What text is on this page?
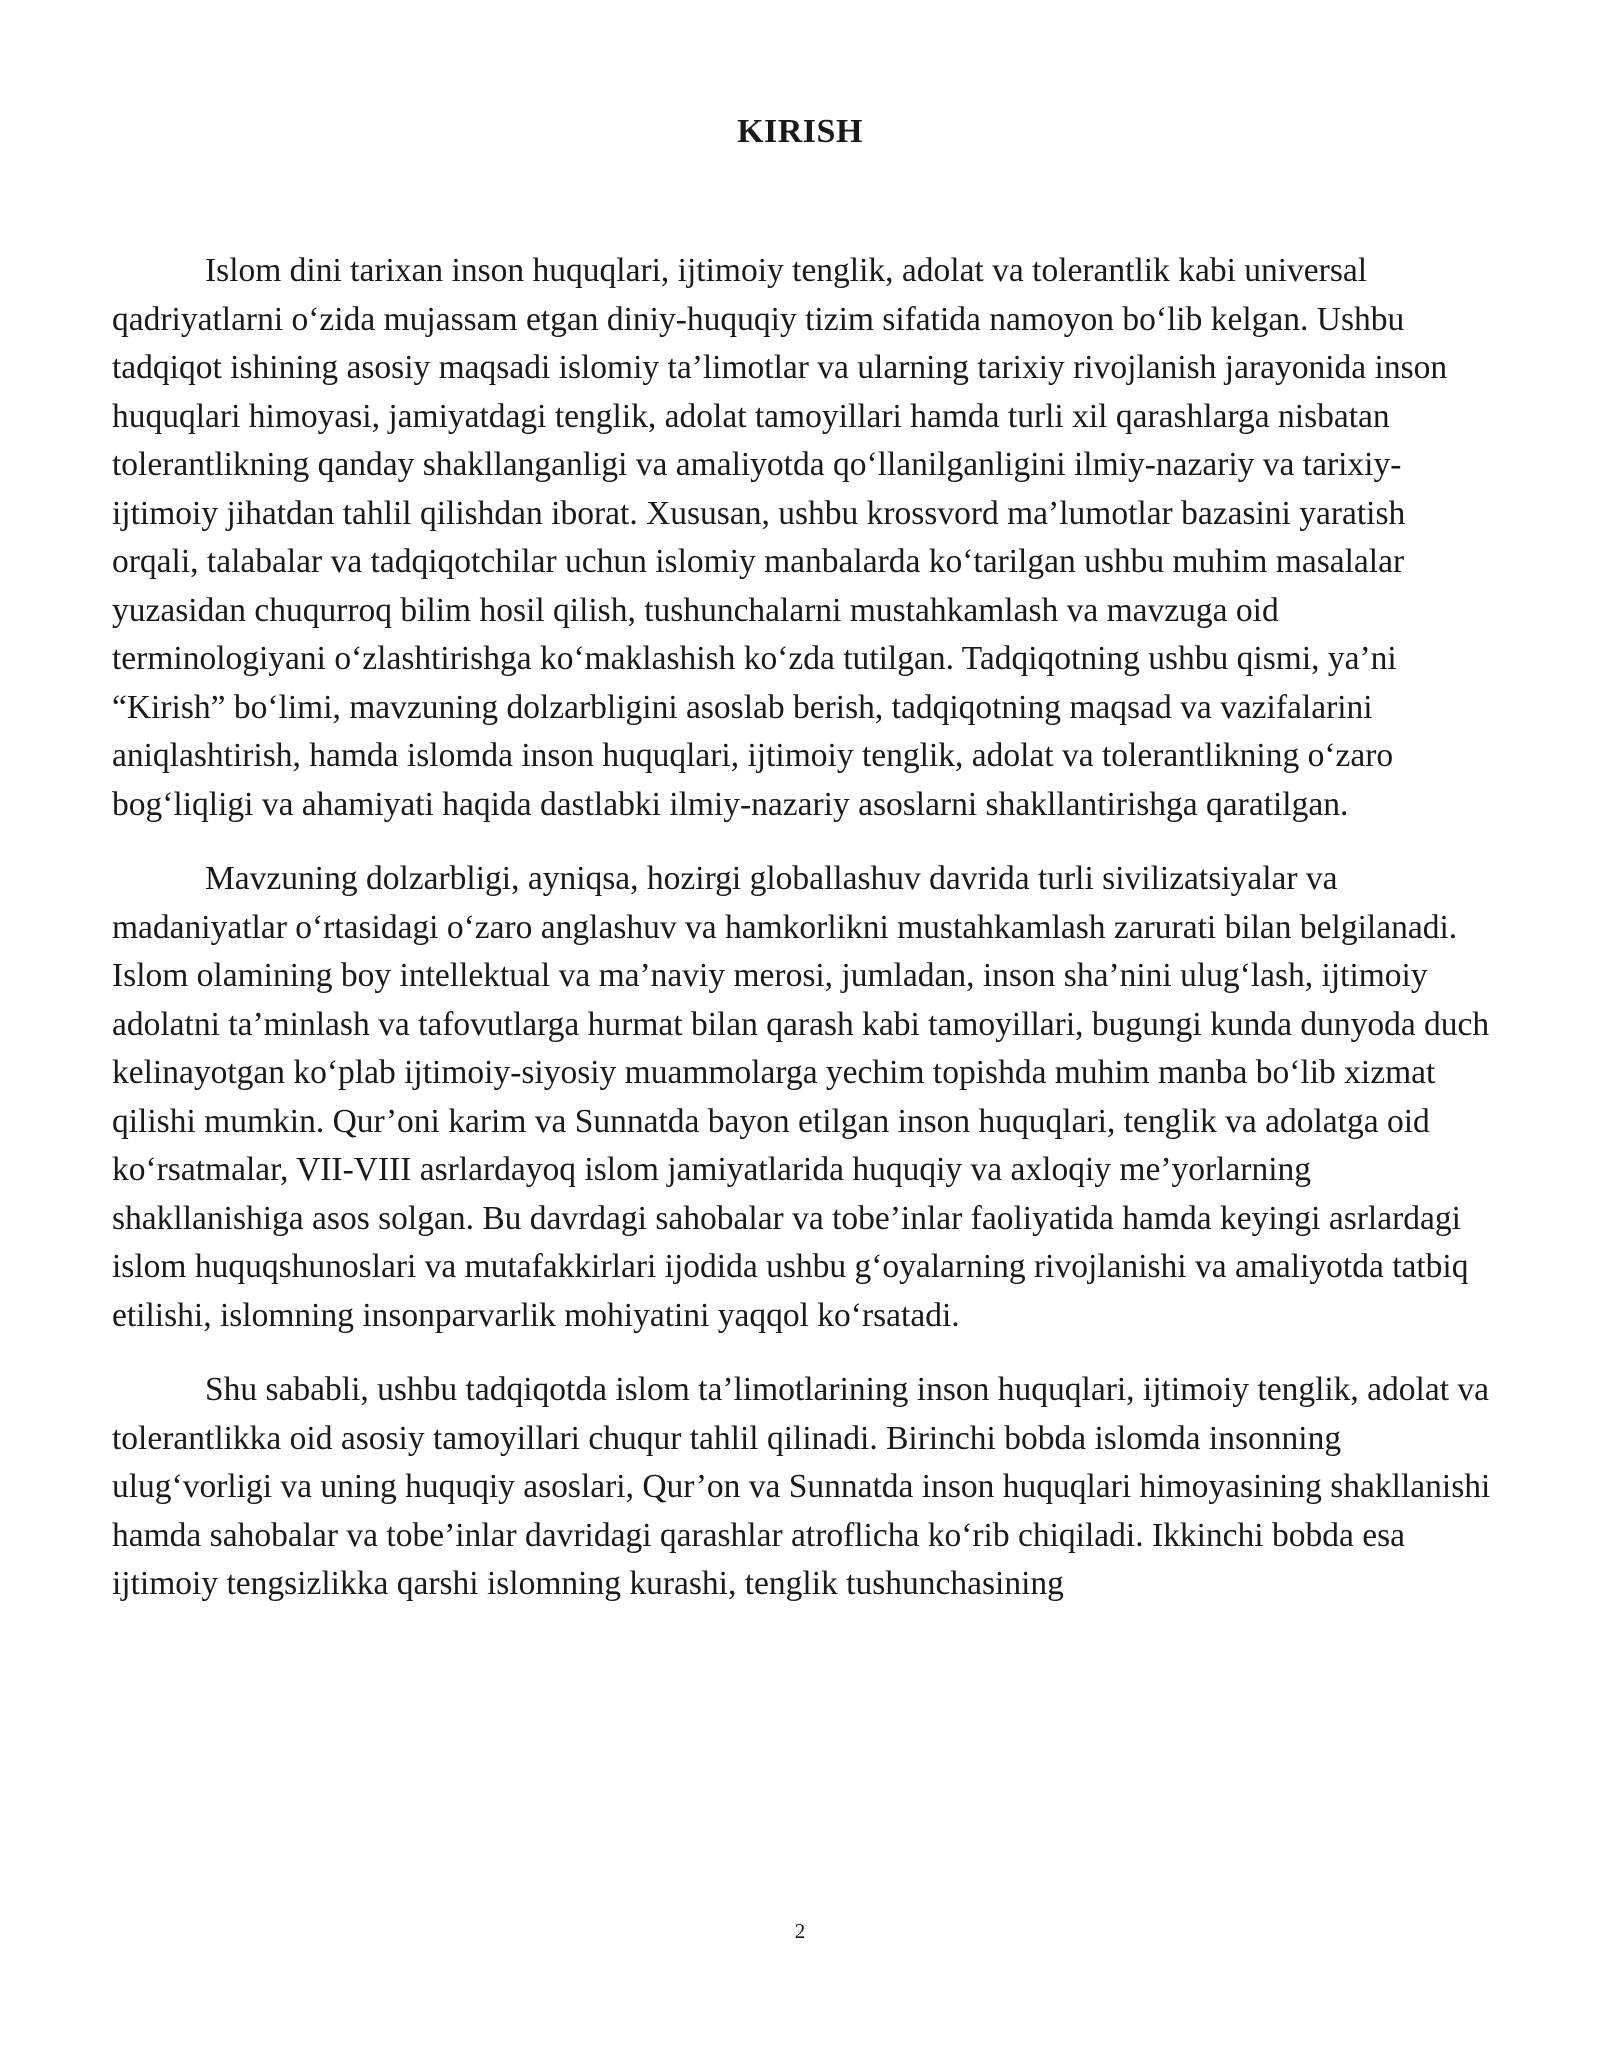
KIRISH

Islom dini tarixan inson huquqlari, ijtimoiy tenglik, adolat va tolerantlik kabi universal qadriyatlarni o‘zida mujassam etgan diniy-huquqiy tizim sifatida namoyon bo‘lib kelgan. Ushbu tadqiqot ishining asosiy maqsadi islomiy ta’limotlar va ularning tarixiy rivojlanish jarayonida inson huquqlari himoyasi, jamiyatdagi tenglik, adolat tamoyillari hamda turli xil qarashlarga nisbatan tolerantlikning qanday shakllanganligi va amaliyotda qo‘llanilganligini ilmiy-nazariy va tarixiy-ijtimoiy jihatdan tahlil qilishdan iborat. Xususan, ushbu krossvord ma’lumotlar bazasini yaratish orqali, talabalar va tadqiqotchilar uchun islomiy manbalarda ko‘tarilgan ushbu muhim masalalar yuzasidan chuqurroq bilim hosil qilish, tushunchalarni mustahkamlash va mavzuga oid terminologiyani o‘zlashtirishga ko‘maklashish ko‘zda tutilgan. Tadqiqotning ushbu qismi, ya’ni “Kirish” bo‘limi, mavzuning dolzarbligini asoslab berish, tadqiqotning maqsad va vazifalarini aniqlashtirish, hamda islomda inson huquqlari, ijtimoiy tenglik, adolat va tolerantlikning o‘zaro bog‘liqligi va ahamiyati haqida dastlabki ilmiy-nazariy asoslarni shakllantirishga qaratilgan.

Mavzuning dolzarbligi, ayniqsa, hozirgi globallashuv davrida turli sivilizatsiyalar va madaniyatlar o‘rtasidagi o‘zaro anglashuv va hamkorlikni mustahkamlash zarurati bilan belgilanadi. Islom olamining boy intellektual va ma’naviy merosi, jumladan, inson sha’nini ulug‘lash, ijtimoiy adolatni ta’minlash va tafovutlarga hurmat bilan qarash kabi tamoyillari, bugungi kunda dunyoda duch kelinayotgan ko‘plab ijtimoiy-siyosiy muammolarga yechim topishda muhim manba bo‘lib xizmat qilishi mumkin. Qur’oni karim va Sunnatda bayon etilgan inson huquqlari, tenglik va adolatga oid ko‘rsatmalar, VII-VIII asrlardayoq islom jamiyatlarida huquqiy va axloqiy me’yorlarning shakllanishiga asos solgan. Bu davrdagi sahobalar va tobe’inlar faoliyatida hamda keyingi asrlardagi islom huquqshunoslari va mutafakkirlari ijodida ushbu g‘oyalarning rivojlanishi va amaliyotda tatbiq etilishi, islomning insonparvarlik mohiyatini yaqqol ko‘rsatadi.

Shu sababli, ushbu tadqiqotda islom ta’limotlarining inson huquqlari, ijtimoiy tenglik, adolat va tolerantlikka oid asosiy tamoyillari chuqur tahlil qilinadi. Birinchi bobda islomda insonning ulug‘vorligi va uning huquqiy asoslari, Qur’on va Sunnatda inson huquqlari himoyasining shakllanishi hamda sahobalar va tobe’inlar davridagi qarashlar atroflicha ko‘rib chiqiladi. Ikkinchi bobda esa ijtimoiy tengsizlikka qarshi islomning kurashi, tenglik tushunchasining

2
